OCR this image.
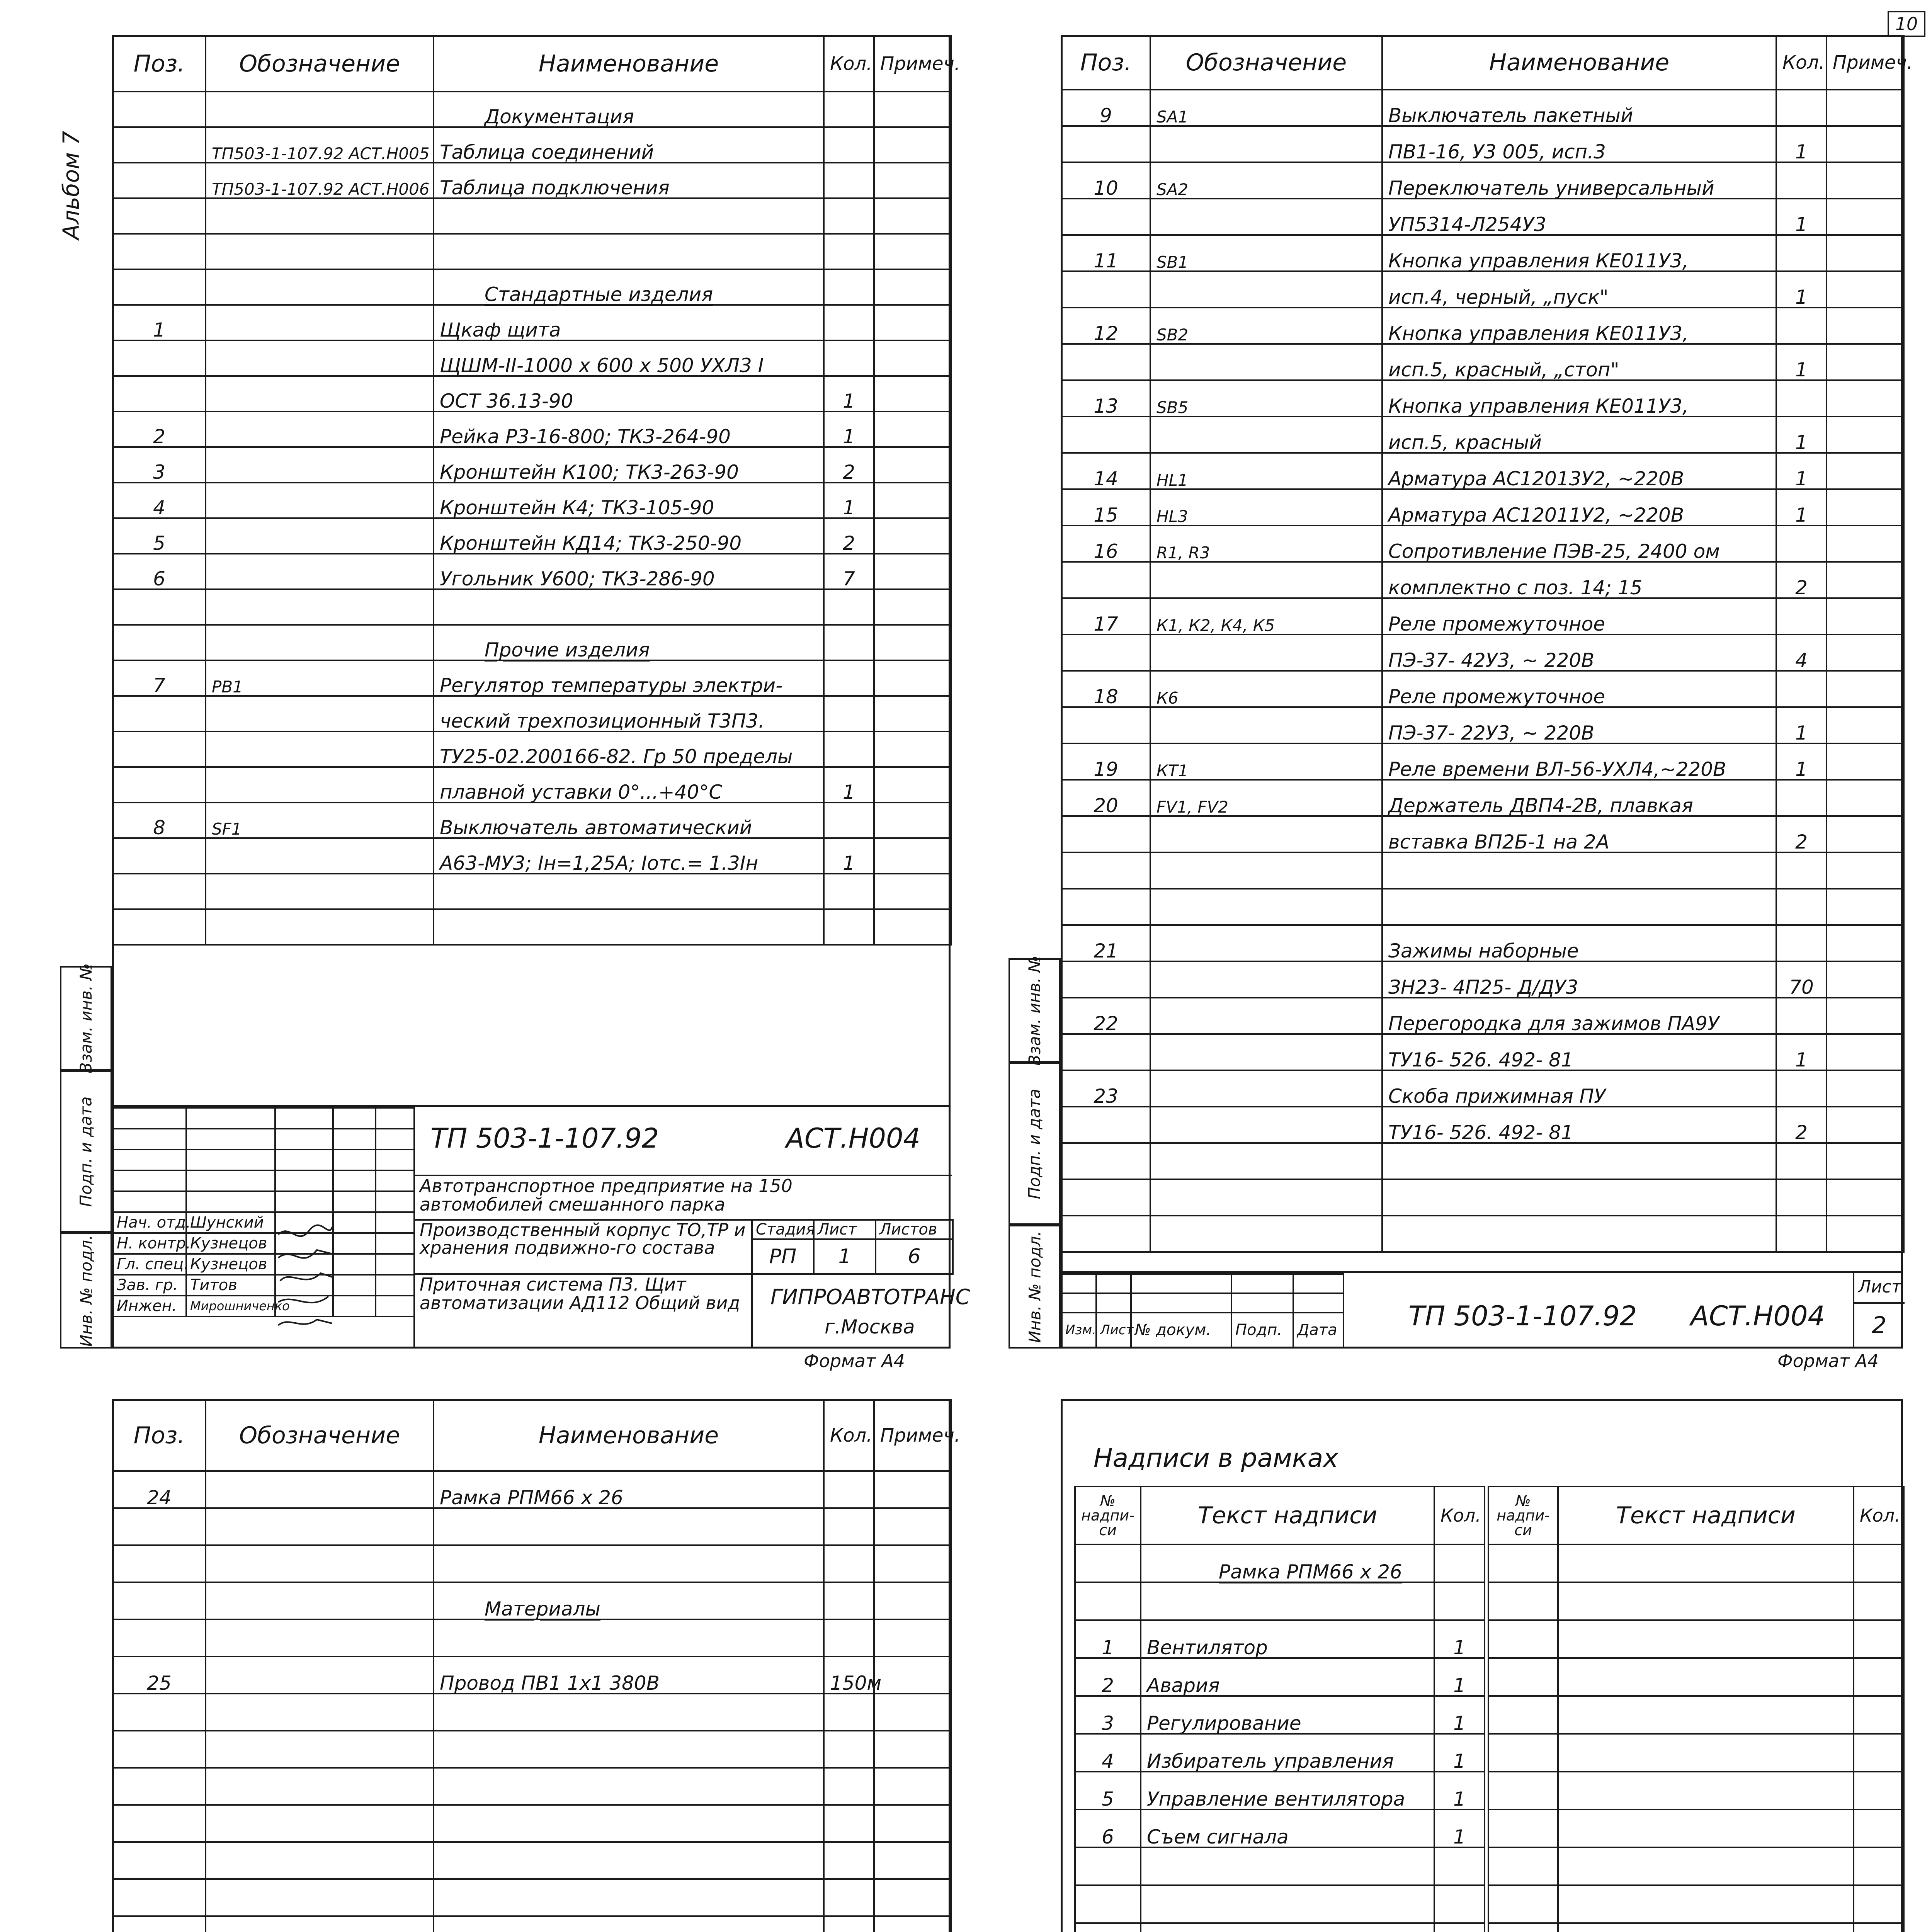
Альбом 7
10
Поз.	Обозначение	Наименование	Кол.	Примеч.
		Документация		
	ТП503-1-107.92 АСТ.Н005	Таблица соединений		
	ТП503-1-107.92 АСТ.Н006	Таблица подключения		

		Стандартные изделия		
1		Щкаф щита		
		ЩШМ-II-1000 х 600 х 500 УХЛ3 I		
		ОСТ 36.13-90	1	
2		Рейка Р3-16-800; ТК3-264-90	1	
3		Кронштейн К100; ТК3-263-90	2	
4		Кронштейн К4; ТК3-105-90	1	
5		Кронштейн КД14; ТК3-250-90	2	
6		Угольник У600; ТК3-286-90	7	

		Прочие изделия		
7	РВ1	Регулятор температуры электри-		
		ческий трехпозиционный Т3П3.		
		ТУ25-02.200166-82. Гр 50 пределы		
		плавной уставки 0°...+40°С	1	
8	SF1	Выключатель автоматический		
		А63-МУ3; Iн=1,25А; Iотс.= 1.3Iн	1	

Взам. инв. №
Подп. и дата
Инв. № подл.

Нач. отд.	Шунский			
Н. контр.	Кузнецов			
Гл. спец.	Кузнецов			
Зав. гр.	Титов			
Инжен.	Мирошниченко			
ТП 503-1-107.92	АСТ.Н004
Автотранспортное предприятие на 150 автомобилей смешанного парка
Производственный корпус ТО,ТР и хранения подвижно-го состава
Стадия	Лист	Листов
РП	1	6
Приточная система П3. Щит автоматизации АД112 Общий вид ГИПРОАВТОТРАНС
г.Москва
Формат А4
Поз.	Обозначение	Наименование	Кол.	Примеч.
9	SA1	Выключатель пакетный		
		ПВ1-16, У3 005, исп.3	1	
10	SA2	Переключатель универсальный		
		УП5314-Л254У3	1	
11	SB1	Кнопка управления КЕ011У3,		
		исп.4, черный, „пуск"	1	
12	SB2	Кнопка управления КЕ011У3,		
		исп.5, красный, „стоп"	1	
13	SB5	Кнопка управления КЕ011У3,		
		исп.5, красный	1	
14	HL1	Арматура АС12013У2, ~220В	1	
15	HL3	Арматура АС12011У2, ~220В	1	
16	R1, R3	Сопротивление ПЭВ-25, 2400 ом		
		комплектно с поз. 14; 15	2	
17	К1, К2, К4, К5	Реле промежуточное		
		ПЭ-37- 42У3, ~ 220В	4	
18	К6	Реле промежуточное		
		ПЭ-37- 22У3, ~ 220В	1	
19	КТ1	Реле времени ВЛ-56-УХЛ4,~220В	1	
20	FV1, FV2	Держатель ДВП4-2В, плавкая		
		вставка ВП2Б-1 на 2А	2	

21		Зажимы наборные		
		ЗН23- 4П25- Д/ДУ3	70	
22		Перегородка для зажимов ПА9У		
		ТУ16- 526. 492- 81	1	
23		Скоба прижимная ПУ		
		ТУ16- 526. 492- 81	2	

Взам. инв. №
Подп. и дата
Инв. № подл.

				Изм.	Лист	№ докум.	Подп.	Дата	ТП 503-1-107.92 АСТ.Н004
Лист
2
Формат А4
Поз.	Обозначение	Наименование	Кол.	Примеч.
24		Рамка РПМ66 х 26		

		Материалы		

25		Провод ПВ1 1х1 380В	150м	

Надписи в рамках
№ надпи-си	Текст надписи	Кол.
	Рамка РПМ66 х 26	

1	Вентилятор	1
2	Авария	1
3	Регулирование	1
4	Избиратель управления	1
5	Управление вентилятора	1
6	Съем сигнала	1

№ надпи-си	Текст надписи	Кол.
